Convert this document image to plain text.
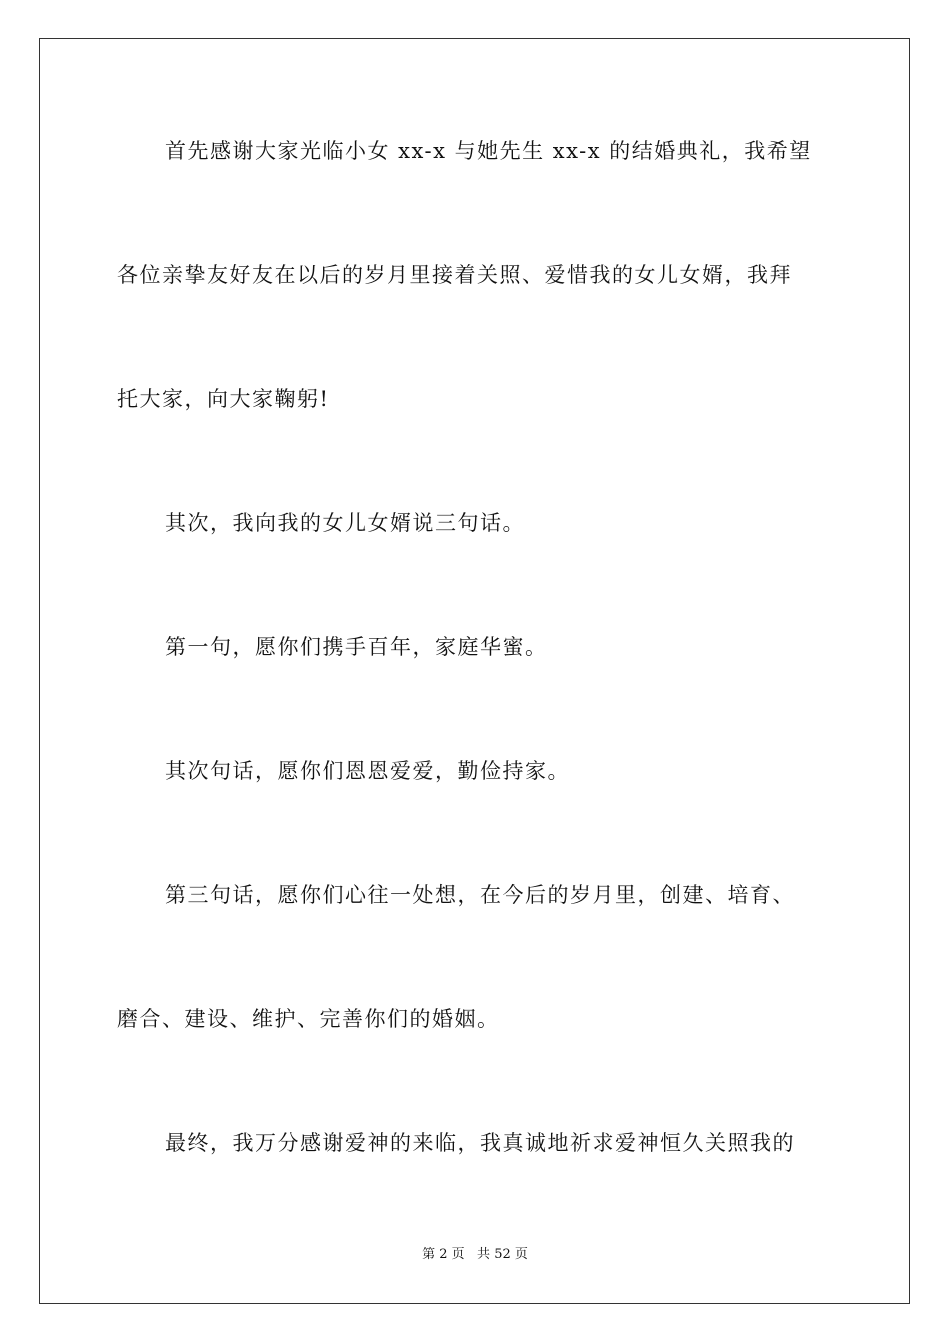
首先感谢大家光临小女 xx-x 与她先生 xx-x 的结婚典礼，我希望
各位亲挚友好友在以后的岁月里接着关照、爱惜我的女儿女婿，我拜
托大家，向大家鞠躬!
其次，我向我的女儿女婿说三句话。
第一句，愿你们携手百年，家庭华蜜。
其次句话，愿你们恩恩爱爱，勤俭持家。
第三句话，愿你们心往一处想，在今后的岁月里，创建、培育、
磨合、建设、维护、完善你们的婚姻。
最终，我万分感谢爱神的来临，我真诚地祈求爱神恒久关照我的
第 2 页   共 52 页
